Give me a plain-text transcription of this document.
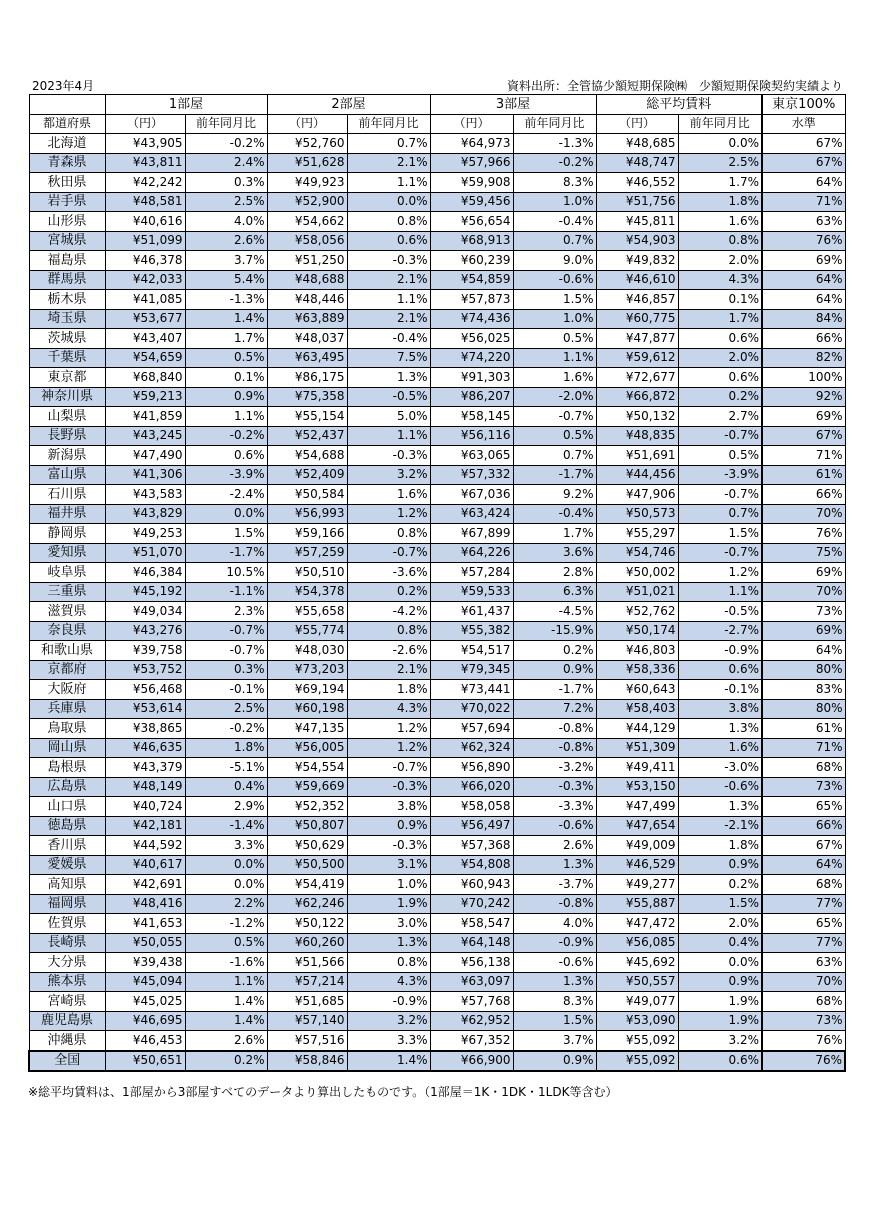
2023年4月	資料出所：全管協少額短期保険㈱　少額短期保険契約実績より
	1部屋		2部屋		3部屋		総平均賃料		東京100%
都道府県	（円）	前年同月比	（円）	前年同月比	（円）	前年同月比	（円）	前年同月比	水準
北海道	¥43,905	-0.2%	¥52,760	0.7%	¥64,973	-1.3%	¥48,685	0.0%	67%
青森県	¥43,811	2.4%	¥51,628	2.1%	¥57,966	-0.2%	¥48,747	2.5%	67%
秋田県	¥42,242	0.3%	¥49,923	1.1%	¥59,908	8.3%	¥46,552	1.7%	64%
岩手県	¥48,581	2.5%	¥52,900	0.0%	¥59,456	1.0%	¥51,756	1.8%	71%
山形県	¥40,616	4.0%	¥54,662	0.8%	¥56,654	-0.4%	¥45,811	1.6%	63%
宮城県	¥51,099	2.6%	¥58,056	0.6%	¥68,913	0.7%	¥54,903	0.8%	76%
福島県	¥46,378	3.7%	¥51,250	-0.3%	¥60,239	9.0%	¥49,832	2.0%	69%
群馬県	¥42,033	5.4%	¥48,688	2.1%	¥54,859	-0.6%	¥46,610	4.3%	64%
栃木県	¥41,085	-1.3%	¥48,446	1.1%	¥57,873	1.5%	¥46,857	0.1%	64%
埼玉県	¥53,677	1.4%	¥63,889	2.1%	¥74,436	1.0%	¥60,775	1.7%	84%
茨城県	¥43,407	1.7%	¥48,037	-0.4%	¥56,025	0.5%	¥47,877	0.6%	66%
千葉県	¥54,659	0.5%	¥63,495	7.5%	¥74,220	1.1%	¥59,612	2.0%	82%
東京都	¥68,840	0.1%	¥86,175	1.3%	¥91,303	1.6%	¥72,677	0.6%	100%
神奈川県	¥59,213	0.9%	¥75,358	-0.5%	¥86,207	-2.0%	¥66,872	0.2%	92%
山梨県	¥41,859	1.1%	¥55,154	5.0%	¥58,145	-0.7%	¥50,132	2.7%	69%
長野県	¥43,245	-0.2%	¥52,437	1.1%	¥56,116	0.5%	¥48,835	-0.7%	67%
新潟県	¥47,490	0.6%	¥54,688	-0.3%	¥63,065	0.7%	¥51,691	0.5%	71%
富山県	¥41,306	-3.9%	¥52,409	3.2%	¥57,332	-1.7%	¥44,456	-3.9%	61%
石川県	¥43,583	-2.4%	¥50,584	1.6%	¥67,036	9.2%	¥47,906	-0.7%	66%
福井県	¥43,829	0.0%	¥56,993	1.2%	¥63,424	-0.4%	¥50,573	0.7%	70%
静岡県	¥49,253	1.5%	¥59,166	0.8%	¥67,899	1.7%	¥55,297	1.5%	76%
愛知県	¥51,070	-1.7%	¥57,259	-0.7%	¥64,226	3.6%	¥54,746	-0.7%	75%
岐阜県	¥46,384	10.5%	¥50,510	-3.6%	¥57,284	2.8%	¥50,002	1.2%	69%
三重県	¥45,192	-1.1%	¥54,378	0.2%	¥59,533	6.3%	¥51,021	1.1%	70%
滋賀県	¥49,034	2.3%	¥55,658	-4.2%	¥61,437	-4.5%	¥52,762	-0.5%	73%
奈良県	¥43,276	-0.7%	¥55,774	0.8%	¥55,382	-15.9%	¥50,174	-2.7%	69%
和歌山県	¥39,758	-0.7%	¥48,030	-2.6%	¥54,517	0.2%	¥46,803	-0.9%	64%
京都府	¥53,752	0.3%	¥73,203	2.1%	¥79,345	0.9%	¥58,336	0.6%	80%
大阪府	¥56,468	-0.1%	¥69,194	1.8%	¥73,441	-1.7%	¥60,643	-0.1%	83%
兵庫県	¥53,614	2.5%	¥60,198	4.3%	¥70,022	7.2%	¥58,403	3.8%	80%
鳥取県	¥38,865	-0.2%	¥47,135	1.2%	¥57,694	-0.8%	¥44,129	1.3%	61%
岡山県	¥46,635	1.8%	¥56,005	1.2%	¥62,324	-0.8%	¥51,309	1.6%	71%
島根県	¥43,379	-5.1%	¥54,554	-0.7%	¥56,890	-3.2%	¥49,411	-3.0%	68%
広島県	¥48,149	0.4%	¥59,669	-0.3%	¥66,020	-0.3%	¥53,150	-0.6%	73%
山口県	¥40,724	2.9%	¥52,352	3.8%	¥58,058	-3.3%	¥47,499	1.3%	65%
徳島県	¥42,181	-1.4%	¥50,807	0.9%	¥56,497	-0.6%	¥47,654	-2.1%	66%
香川県	¥44,592	3.3%	¥50,629	-0.3%	¥57,368	2.6%	¥49,009	1.8%	67%
愛媛県	¥40,617	0.0%	¥50,500	3.1%	¥54,808	1.3%	¥46,529	0.9%	64%
高知県	¥42,691	0.0%	¥54,419	1.0%	¥60,943	-3.7%	¥49,277	0.2%	68%
福岡県	¥48,416	2.2%	¥62,246	1.9%	¥70,242	-0.8%	¥55,887	1.5%	77%
佐賀県	¥41,653	-1.2%	¥50,122	3.0%	¥58,547	4.0%	¥47,472	2.0%	65%
長崎県	¥50,055	0.5%	¥60,260	1.3%	¥64,148	-0.9%	¥56,085	0.4%	77%
大分県	¥39,438	-1.6%	¥51,566	0.8%	¥56,138	-0.6%	¥45,692	0.0%	63%
熊本県	¥45,094	1.1%	¥57,214	4.3%	¥63,097	1.3%	¥50,557	0.9%	70%
宮崎県	¥45,025	1.4%	¥51,685	-0.9%	¥57,768	8.3%	¥49,077	1.9%	68%
鹿児島県	¥46,695	1.4%	¥57,140	3.2%	¥62,952	1.5%	¥53,090	1.9%	73%
沖縄県	¥46,453	2.6%	¥57,516	3.3%	¥67,352	3.7%	¥55,092	3.2%	76%
全国	¥50,651	0.2%	¥58,846	1.4%	¥66,900	0.9%	¥55,092	0.6%	76%
※総平均賃料は、1部屋から3部屋すべてのデータより算出したものです。（1部屋＝1K・1DK・1LDK等含む）
